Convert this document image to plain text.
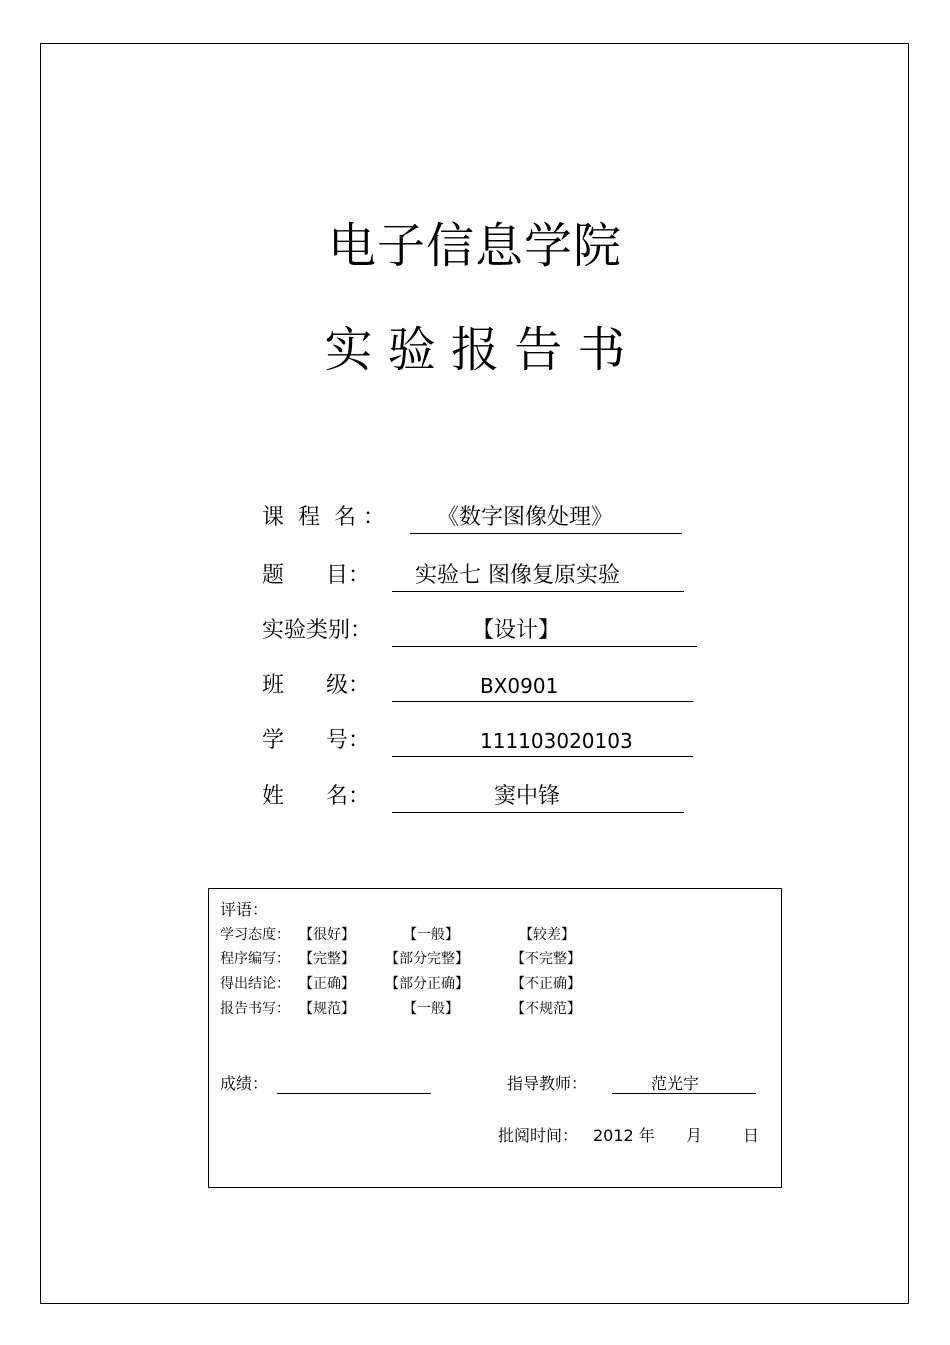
电子信息学院
实 验 报 告 书
课  程  名 ： 《数字图像处理》
题      目： 实验七 图像复原实验
实验类别：	【设计】
班      级：	BX0901
学      号：	111103020103
姓      名：	窦中锋
评语：
学习态度： 【很好】	【一般】	【较差】
程序编写： 【完整】 【部分完整】	【不完整】
得出结论： 【正确】 【部分正确】	【不正确】
报告书写： 【规范】	【一般】	【不规范】
成绩：	指导教师：	范光宇
批阅时间： 2012 年 月	日
